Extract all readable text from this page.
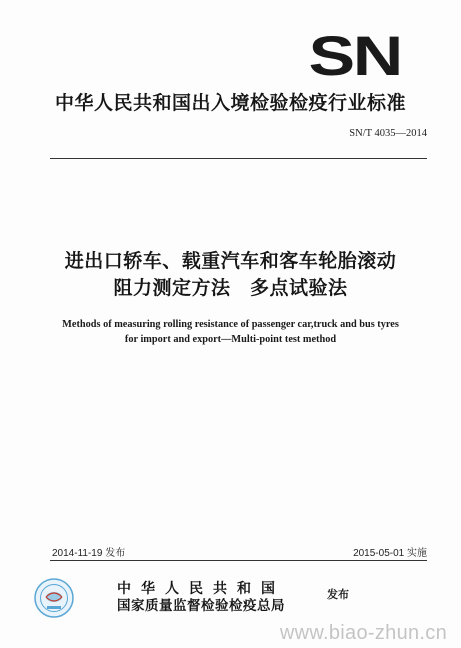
SN
中华人民共和国出入境检验检疫行业标准
SN/T 4035—2014
进出口轿车、载重汽车和客车轮胎滚动
阻力测定方法　多点试验法
Methods of measuring rolling resistance of passenger car,truck and bus tyres
for import and export—Multi-point test method
2014-11-19 发布	2015-05-01 实施
中华人民共和国
国家质量监督检验检疫总局
发布
www.biao-zhun.cn
